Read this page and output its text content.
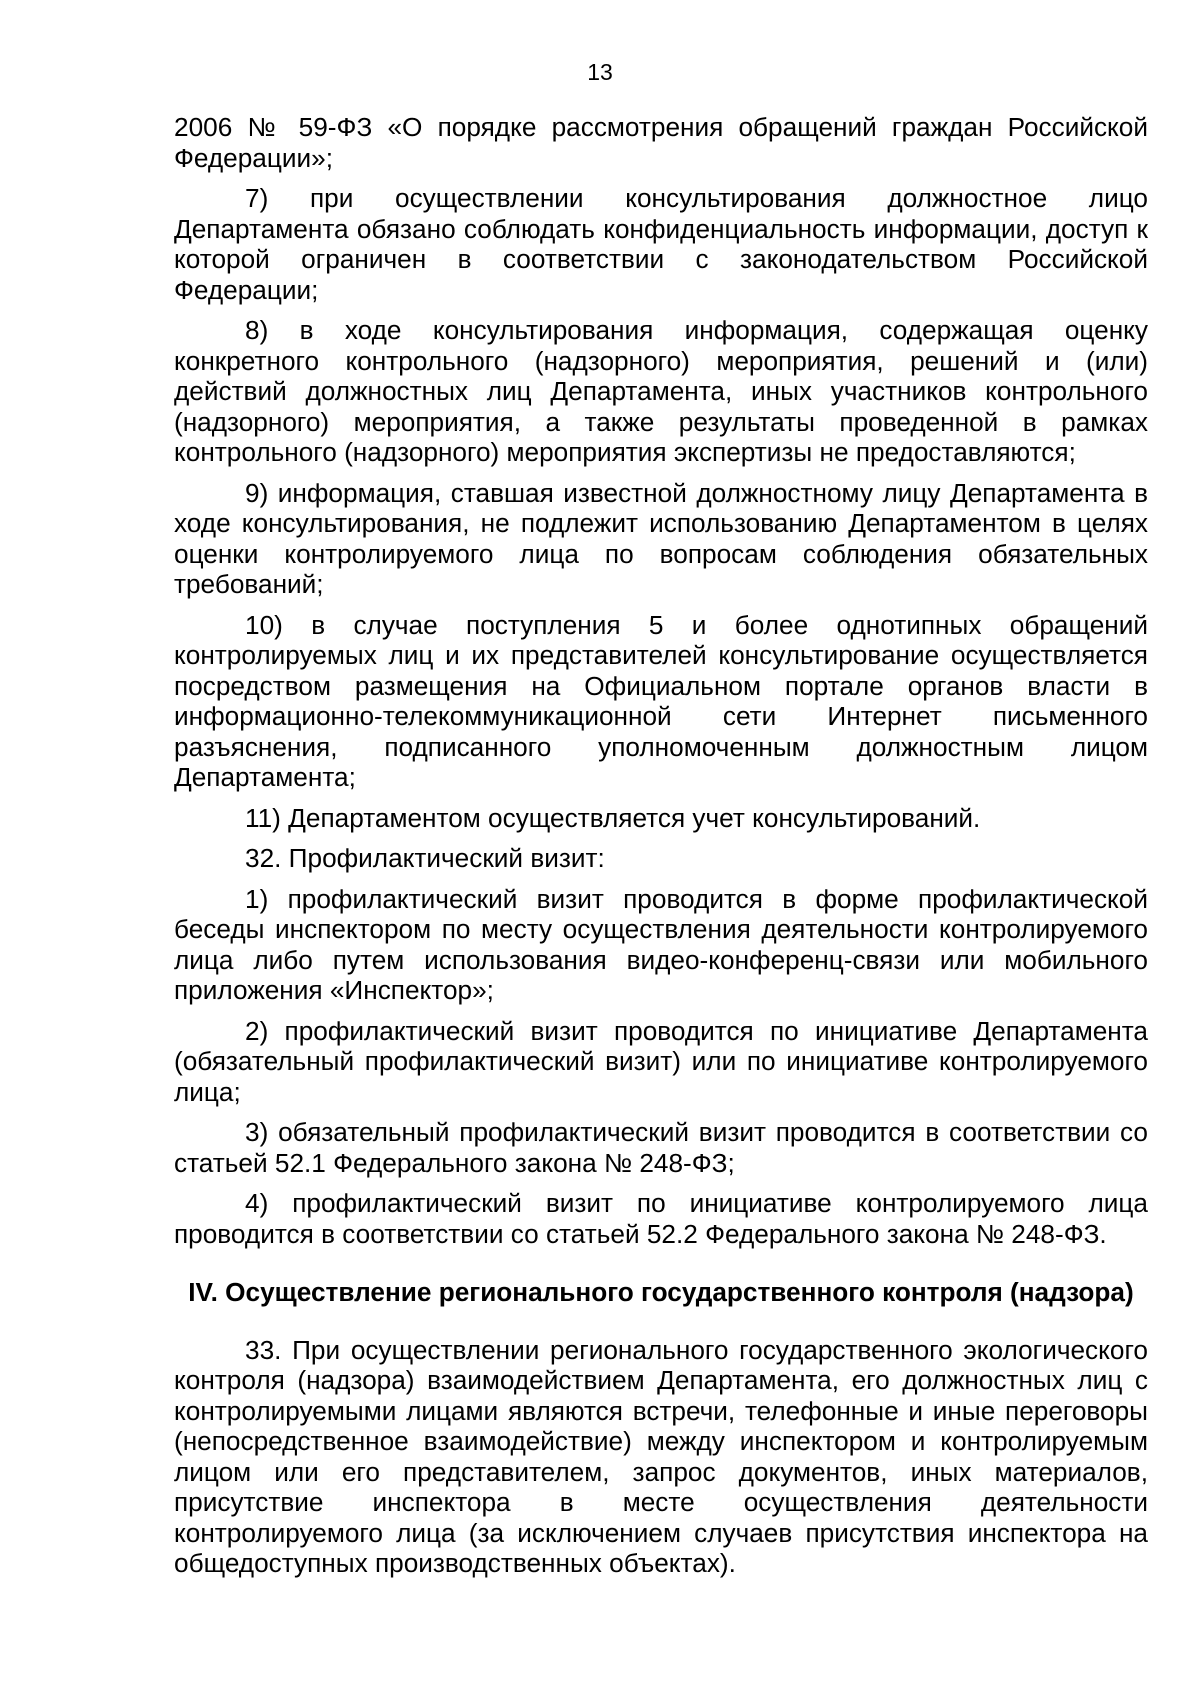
13

2006 № 59-ФЗ «О порядке рассмотрения обращений граждан Российской Федерации»;

7) при осуществлении консультирования должностное лицо Департамента обязано соблюдать конфиденциальность информации, доступ к которой ограничен в соответствии с законодательством Российской Федерации;

8) в ходе консультирования информация, содержащая оценку конкретного контрольного (надзорного) мероприятия, решений и (или) действий должностных лиц Департамента, иных участников контрольного (надзорного) мероприятия, а также результаты проведенной в рамках контрольного (надзорного) мероприятия экспертизы не предоставляются;

9) информация, ставшая известной должностному лицу Департамента в ходе консультирования, не подлежит использованию Департаментом в целях оценки контролируемого лица по вопросам соблюдения обязательных требований;

10) в случае поступления 5 и более однотипных обращений контролируемых лиц и их представителей консультирование осуществляется посредством размещения на Официальном портале органов власти в информационно-телекоммуникационной сети Интернет письменного разъяснения, подписанного уполномоченным должностным лицом Департамента;

11) Департаментом осуществляется учет консультирований.

32. Профилактический визит:

1) профилактический визит проводится в форме профилактической беседы инспектором по месту осуществления деятельности контролируемого лица либо путем использования видео-конференц-связи или мобильного приложения «Инспектор»;

2) профилактический визит проводится по инициативе Департамента (обязательный профилактический визит) или по инициативе контролируемого лица;

3) обязательный профилактический визит проводится в соответствии со статьей 52.1 Федерального закона № 248-ФЗ;

4) профилактический визит по инициативе контролируемого лица проводится в соответствии со статьей 52.2 Федерального закона № 248-ФЗ.

IV. Осуществление регионального государственного контроля (надзора)

33. При осуществлении регионального государственного экологического контроля (надзора) взаимодействием Департамента, его должностных лиц с контролируемыми лицами являются встречи, телефонные и иные переговоры (непосредственное взаимодействие) между инспектором и контролируемым лицом или его представителем, запрос документов, иных материалов, присутствие инспектора в месте осуществления деятельности контролируемого лица (за исключением случаев присутствия инспектора на общедоступных производственных объектах).
